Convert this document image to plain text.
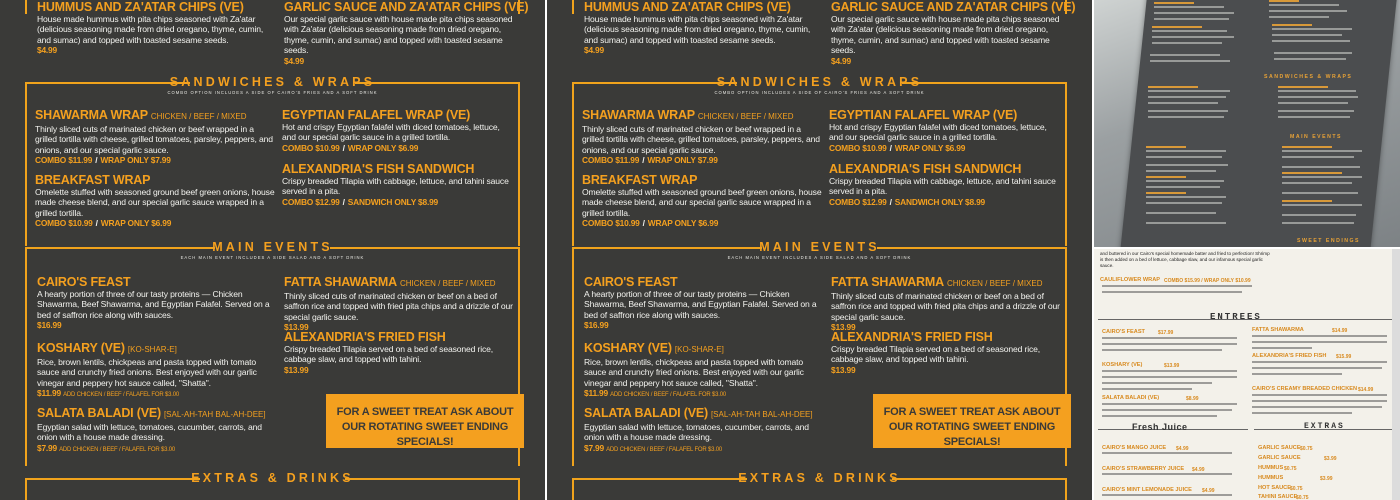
HUMMUS AND ZA'ATAR CHIPS (VE)
House made hummus with pita chips seasoned with Za'atar (delicious seasoning made from dried oregano, thyme, cumin, and sumac) and topped with toasted sesame seeds.
$4.99
GARLIC SAUCE AND ZA'ATAR CHIPS (VE)
Our special garlic sauce with house made pita chips seasoned with Za'atar (delicious seasoning made from dried oregano, thyme, cumin, and sumac) and topped with toasted sesame seeds.
$4.99
SANDWICHES & WRAPS
COMBO OPTION INCLUDES A SIDE OF CAIRO'S FRIES AND A SOFT DRINK
SHAWARMA WRAP CHICKEN / BEEF / MIXED
Thinly sliced cuts of marinated chicken or beef wrapped in a grilled tortilla with cheese, grilled tomatoes, parsley, peppers, and onions, and our special garlic sauce.
COMBO $11.99 / WRAP ONLY $7.99
BREAKFAST WRAP
Omelette stuffed with seasoned ground beef green onions, house made cheese blend, and our special garlic sauce wrapped in a grilled tortilla.
COMBO $10.99 / WRAP ONLY $6.99
EGYPTIAN FALAFEL WRAP (VE)
Hot and crispy Egyptian falafel with diced tomatoes, lettuce, and our special garlic sauce in a grilled tortilla.
COMBO $10.99 / WRAP ONLY $6.99
ALEXANDRIA'S FISH SANDWICH
Crispy breaded Tilapia with cabbage, lettuce, and tahini sauce served in a pita.
COMBO $12.99 / SANDWICH ONLY $8.99
MAIN EVENTS
EACH MAIN EVENT INCLUDES A SIDE SALAD AND A SOFT DRINK
CAIRO'S FEAST
A hearty portion of three of our tasty proteins — Chicken Shawarma, Beef Shawarma, and Egyptian Falafel. Served on a bed of saffron rice along with sauces.
$16.99
KOSHARY (VE) [KO-SHAR-E]
Rice, brown lentils, chickpeas and pasta topped with tomato sauce and crunchy fried onions. Best enjoyed with our garlic vinegar and peppery hot sauce called, "Shatta".
$11.99 ADD CHICKEN / BEEF / FALAFEL FOR $3.00
SALATA BALADI (VE) [SAL-AH-TAH BAL-AH-DEE]
Egyptian salad with lettuce, tomatoes, cucumber, carrots, and onion with a house made dressing.
$7.99 ADD CHICKEN / BEEF / FALAFEL FOR $3.00
FATTA SHAWARMA CHICKEN / BEEF / MIXED
Thinly sliced cuts of marinated chicken or beef on a bed of saffron rice and topped with fried pita chips and a drizzle of our special garlic sauce.
$13.99
ALEXANDRIA'S FRIED FISH
Crispy breaded Tilapia served on a bed of seasoned rice, cabbage slaw, and topped with tahini.
$13.99
FOR A SWEET TREAT ASK ABOUT OUR ROTATING SWEET ENDING SPECIALS!
EXTRAS & DRINKS
HUMMUS AND ZA'ATAR CHIPS (VE)
House made hummus with pita chips seasoned with Za'atar (delicious seasoning made from dried oregano, thyme, cumin, and sumac) and topped with toasted sesame seeds.
$4.99
GARLIC SAUCE AND ZA'ATAR CHIPS (VE)
Our special garlic sauce with house made pita chips seasoned with Za'atar (delicious seasoning made from dried oregano, thyme, cumin, and sumac) and topped with toasted sesame seeds.
$4.99
SANDWICHES & WRAPS
COMBO OPTION INCLUDES A SIDE OF CAIRO'S FRIES AND A SOFT DRINK
SHAWARMA WRAP CHICKEN / BEEF / MIXED
Thinly sliced cuts of marinated chicken or beef wrapped in a grilled tortilla with cheese, grilled tomatoes, parsley, peppers, and onions, and our special garlic sauce.
COMBO $11.99 / WRAP ONLY $7.99
BREAKFAST WRAP
Omelette stuffed with seasoned ground beef green onions, house made cheese blend, and our special garlic sauce wrapped in a grilled tortilla.
COMBO $10.99 / WRAP ONLY $6.99
EGYPTIAN FALAFEL WRAP (VE)
Hot and crispy Egyptian falafel with diced tomatoes, lettuce, and our special garlic sauce in a grilled tortilla.
COMBO $10.99 / WRAP ONLY $6.99
ALEXANDRIA'S FISH SANDWICH
Crispy breaded Tilapia with cabbage, lettuce, and tahini sauce served in a pita.
COMBO $12.99 / SANDWICH ONLY $8.99
MAIN EVENTS
EACH MAIN EVENT INCLUDES A SIDE SALAD AND A SOFT DRINK
CAIRO'S FEAST
A hearty portion of three of our tasty proteins — Chicken Shawarma, Beef Shawarma, and Egyptian Falafel. Served on a bed of saffron rice along with sauces.
$16.99
KOSHARY (VE) [KO-SHAR-E]
Rice, brown lentils, chickpeas and pasta topped with tomato sauce and crunchy fried onions. Best enjoyed with our garlic vinegar and peppery hot sauce called, "Shatta".
$11.99 ADD CHICKEN / BEEF / FALAFEL FOR $3.00
SALATA BALADI (VE) [SAL-AH-TAH BAL-AH-DEE]
Egyptian salad with lettuce, tomatoes, cucumber, carrots, and onion with a house made dressing.
$7.99 ADD CHICKEN / BEEF / FALAFEL FOR $3.00
FATTA SHAWARMA CHICKEN / BEEF / MIXED
Thinly sliced cuts of marinated chicken or beef on a bed of saffron rice and topped with fried pita chips and a drizzle of our special garlic sauce.
$13.99
ALEXANDRIA'S FRIED FISH
Crispy breaded Tilapia served on a bed of seasoned rice, cabbage slaw, and topped with tahini.
$13.99
FOR A SWEET TREAT ASK ABOUT OUR ROTATING SWEET ENDING SPECIALS!
EXTRAS & DRINKS
SANDWICHES & WRAPS
MAIN EVENTS
SWEET ENDINGS
and buttered in our Cairo's special homemade batter and fried to perfection! Shrimp is then added on a bed of lettuce, cabbage slaw, and our infamous special garlic sauce.
CAULIFLOWER WRAP COMBO $15.99 / WRAP ONLY $10.99
ENTREES
CAIRO'S FEAST	$17.99
KOSHARY (VE)	$13.99
SALATA BALADI (VE)	$8.99
FATTA SHAWARMA	$14.99
ALEXANDRIA'S FRIED FISH $15.99
CAIRO'S CREAMY BREADED CHICKEN $14.99
Fresh Juice	EXTRAS
CAIRO'S MANGO JUICE $4.99
CAIRO'S STRAWBERRY JUICE $4.99
CAIRO'S MINT LEMONADE JUICE $4.99
GARLIC SAUCE $0.75
GARLIC SAUCE	$3.99
HUMMUS $0.75
HUMMUS	$3.99
HOT SAUCE $0.75
TAHINI SAUCE
$0.75
